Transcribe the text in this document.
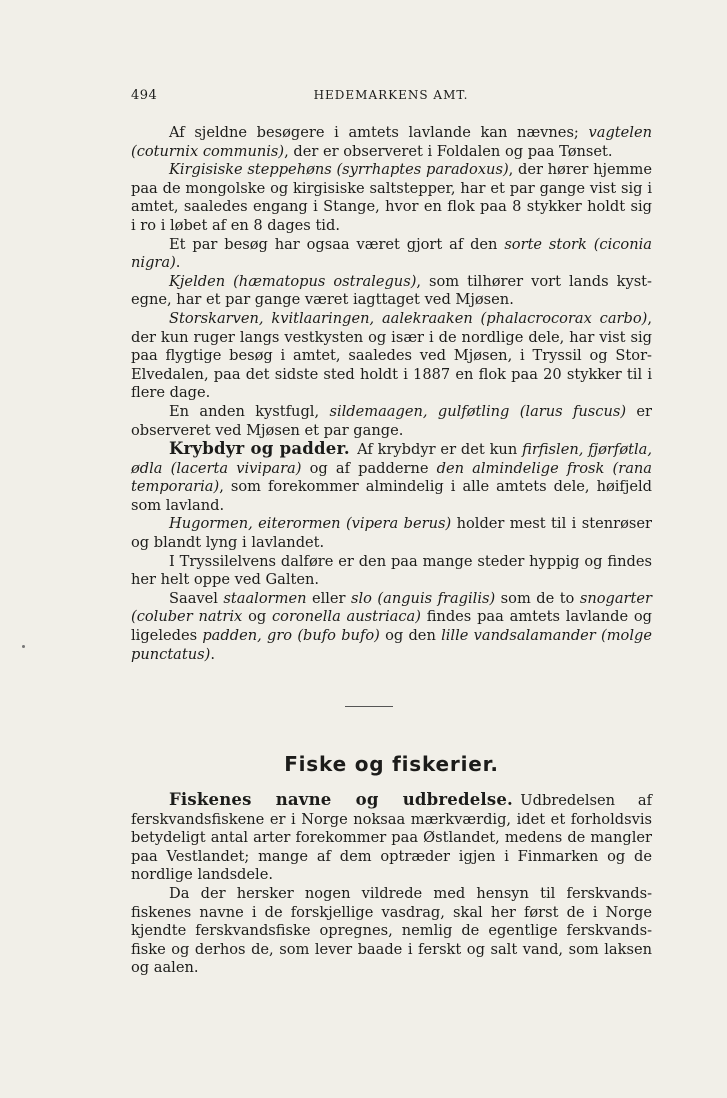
494	HEDEMARKENS AMT.

Af sjeldne besøgere i amtets lavlande kan nævnes; vagtelen (coturnix communis), der er observeret i Foldalen og paa Tønset.

Kirgisiske steppehøns (syrrhaptes paradoxus), der hører hjemme paa de mongolske og kirgisiske saltstepper, har et par gange vist sig i amtet, saaledes engang i Stange, hvor en flok paa 8 stykker holdt sig i ro i løbet af en 8 dages tid.

Et par besøg har ogsaa været gjort af den sorte stork (ciconia nigra).

Kjelden (hæmatopus ostralegus), som tilhører vort lands kystegne, har et par gange været iagttaget ved Mjøsen.

Storskarven, kvitlaaringen, aalekraaken (phalacrocorax carbo), der kun ruger langs vestkysten og især i de nordlige dele, har vist sig paa flygtige besøg i amtet, saaledes ved Mjøsen, i Tryssil og Stor-Elvedalen, paa det sidste sted holdt i 1887 en flok paa 20 stykker til i flere dage.

En anden kystfugl, sildemaagen, gulføtling (larus fuscus) er observeret ved Mjøsen et par gange.

Krybdyr og padder.  Af krybdyr er det kun firfislen, fjørføtla, ødla (lacerta vivipara) og af padderne den almindelige frosk (rana temporaria), som forekommer almindelig i alle amtets dele, høifjeld som lavland.

Hugormen, eiterormen (vipera berus) holder mest til i stenrøser og blandt lyng i lavlandet.

I Tryssilelvens dalføre er den paa mange steder hyppig og findes her helt oppe ved Galten.

Saavel staalormen eller slo (anguis fragilis) som de to snogarter (coluber natrix og coronella austriaca) findes paa amtets lavlande og ligeledes padden, gro (bufo bufo) og den lille vandsalamander (molge punctatus).

Fiske og fiskerier.

Fiskenes navne og udbredelse.  Udbredelsen af ferskvandsfiskene er i Norge noksaa mærkværdig, idet et forholdsvis betydeligt antal arter forekommer paa Østlandet, medens de mangler paa Vestlandet; mange af dem optræder igjen i Finmarken og de nordlige landsdele.

Da der hersker nogen vildrede med hensyn til ferskvandsfiskenes navne i de forskjellige vasdrag, skal her først de i Norge kjendte ferskvandsfiske opregnes, nemlig de egentlige ferskvandsfiske og derhos de, som lever baade i ferskt og salt vand, som laksen og aalen.
